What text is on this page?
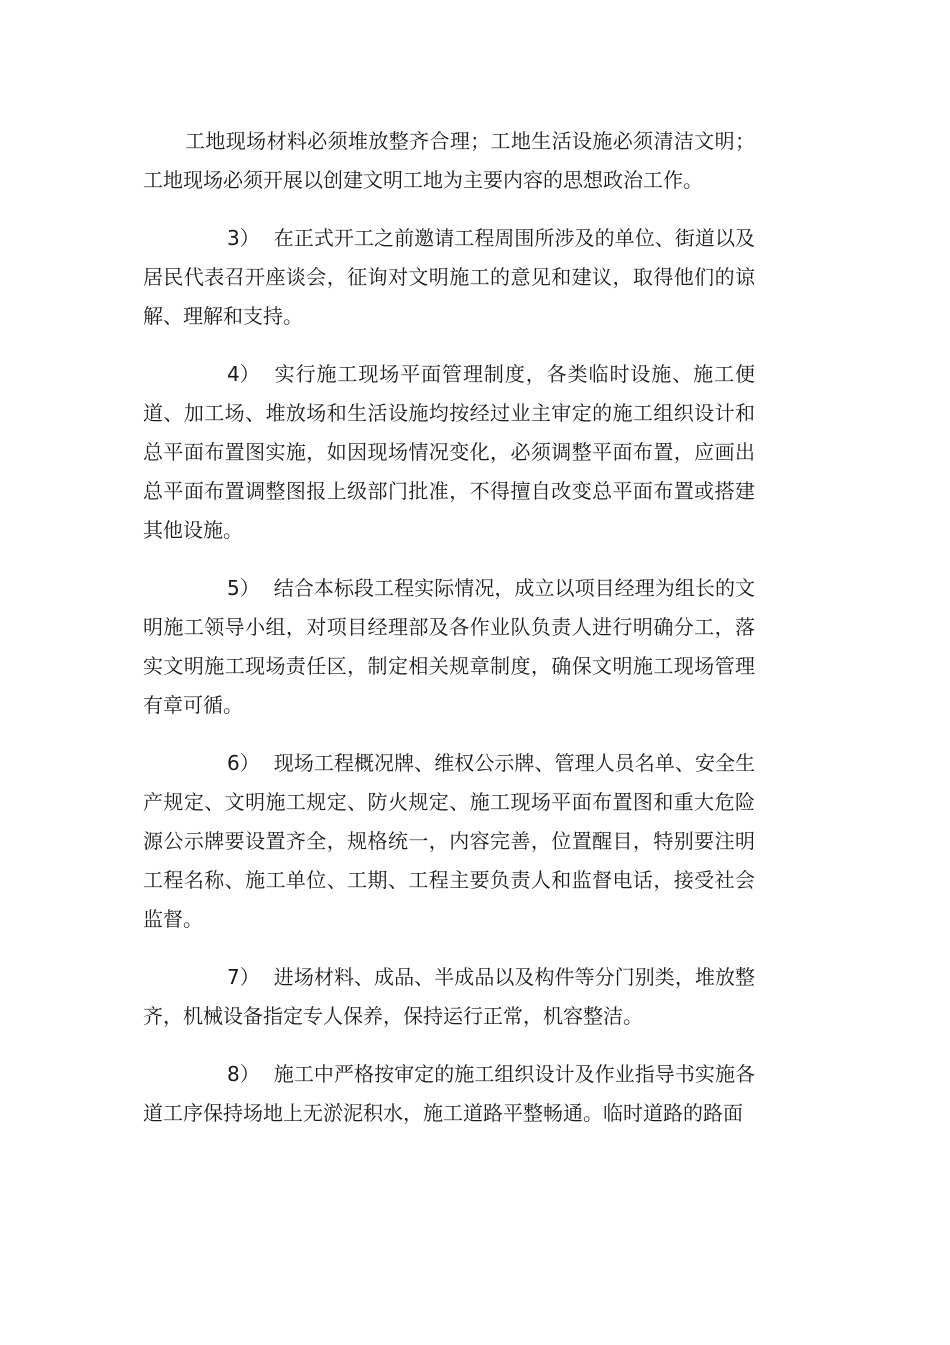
工地现场材料必须堆放整齐合理；工地生活设施必须清洁文明；工地现场必须开展以创建文明工地为主要内容的思想政治工作。

3） 在正式开工之前邀请工程周围所涉及的单位、街道以及居民代表召开座谈会，征询对文明施工的意见和建议，取得他们的谅解、理解和支持。

4） 实行施工现场平面管理制度，各类临时设施、施工便道、加工场、堆放场和生活设施均按经过业主审定的施工组织设计和总平面布置图实施，如因现场情况变化，必须调整平面布置，应画出总平面布置调整图报上级部门批准，不得擅自改变总平面布置或搭建其他设施。

5） 结合本标段工程实际情况，成立以项目经理为组长的文明施工领导小组，对项目经理部及各作业队负责人进行明确分工，落实文明施工现场责任区，制定相关规章制度，确保文明施工现场管理有章可循。

6） 现场工程概况牌、维权公示牌、管理人员名单、安全生产规定、文明施工规定、防火规定、施工现场平面布置图和重大危险源公示牌要设置齐全，规格统一，内容完善，位置醒目，特别要注明工程名称、施工单位、工期、工程主要负责人和监督电话，接受社会监督。

7） 进场材料、成品、半成品以及构件等分门别类，堆放整齐，机械设备指定专人保养，保持运行正常，机容整洁。

8） 施工中严格按审定的施工组织设计及作业指导书实施各道工序保持场地上无淤泥积水，施工道路平整畅通。临时道路的路面
